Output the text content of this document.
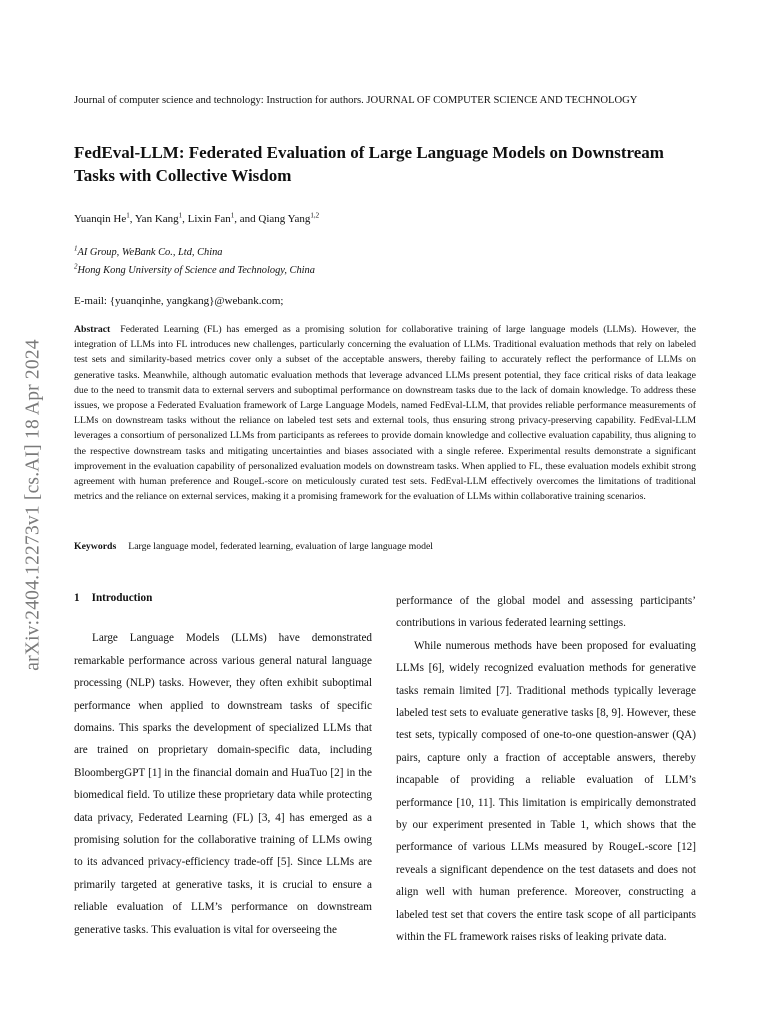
arXiv:2404.12273v1 [cs.AI] 18 Apr 2024
Journal of computer science and technology: Instruction for authors. JOURNAL OF COMPUTER SCIENCE AND TECHNOLOGY
FedEval-LLM: Federated Evaluation of Large Language Models on Downstream Tasks with Collective Wisdom
Yuanqin He$^1$, Yan Kang$^1$, Lixin Fan$^1$, and Qiang Yang$^{1,2}$
$^1$AI Group, WeBank Co., Ltd, China
$^2$Hong Kong University of Science and Technology, China
E-mail: {yuanqinhe, yangkang}@webank.com;

Abstract Federated Learning (FL) has emerged as a promising solution for collaborative training of large language models (LLMs). However, the integration of LLMs into FL introduces new challenges, particularly concerning the evaluation of LLMs. Traditional evaluation methods that rely on labeled test sets and similarity-based metrics cover only a subset of the acceptable answers, thereby failing to accurately reflect the performance of LLMs on generative tasks. Meanwhile, although automatic evaluation methods that leverage advanced LLMs present potential, they face critical risks of data leakage due to the need to transmit data to external servers and suboptimal performance on downstream tasks due to the lack of domain knowledge. To address these issues, we propose a Federated Evaluation framework of Large Language Models, named FedEval-LLM, that provides reliable performance measurements of LLMs on downstream tasks without the reliance on labeled test sets and external tools, thus ensuring strong privacy-preserving capability. FedEval-LLM leverages a consortium of personalized LLMs from participants as referees to provide domain knowledge and collective evaluation capability, thus aligning to the respective downstream tasks and mitigating uncertainties and biases associated with a single referee. Experimental results demonstrate a significant improvement in the evaluation capability of personalized evaluation models on downstream tasks. When applied to FL, these evaluation models exhibit strong agreement with human preference and RougeL-score on meticulously curated test sets. FedEval-LLM effectively overcomes the limitations of traditional metrics and the reliance on external services, making it a promising framework for the evaluation of LLMs within collaborative training scenarios.

Keywords Large language model, federated learning, evaluation of large language model
1 Introduction

Large Language Models (LLMs) have demonstrated remarkable performance across various general natural language processing (NLP) tasks. However, they often exhibit suboptimal performance when applied to downstream tasks of specific domains. This sparks the development of specialized LLMs that are trained on proprietary domain-specific data, including BloombergGPT [1] in the financial domain and HuaTuo [2] in the biomedical field. To utilize these proprietary data while protecting data privacy, Federated Learning (FL) [3, 4] has emerged as a promising solution for the collaborative training of LLMs owing to its advanced privacy-efficiency trade-off [5]. Since LLMs are primarily targeted at generative tasks, it is crucial to ensure a reliable evaluation of LLM’s performance on downstream generative tasks. This evaluation is vital for overseeing the

performance of the global model and assessing participants’ contributions in various federated learning settings.

While numerous methods have been proposed for evaluating LLMs [6], widely recognized evaluation methods for generative tasks remain limited [7]. Traditional methods typically leverage labeled test sets to evaluate generative tasks [8, 9]. However, these test sets, typically composed of one-to-one question-answer (QA) pairs, capture only a fraction of acceptable answers, thereby incapable of providing a reliable evaluation of LLM’s performance [10, 11]. This limitation is empirically demonstrated by our experiment presented in Table 1, which shows that the performance of various LLMs measured by RougeL-score [12] reveals a significant dependence on the test datasets and does not align well with human preference. Moreover, constructing a labeled test set that covers the entire task scope of all participants within the FL framework raises risks of leaking private data.
